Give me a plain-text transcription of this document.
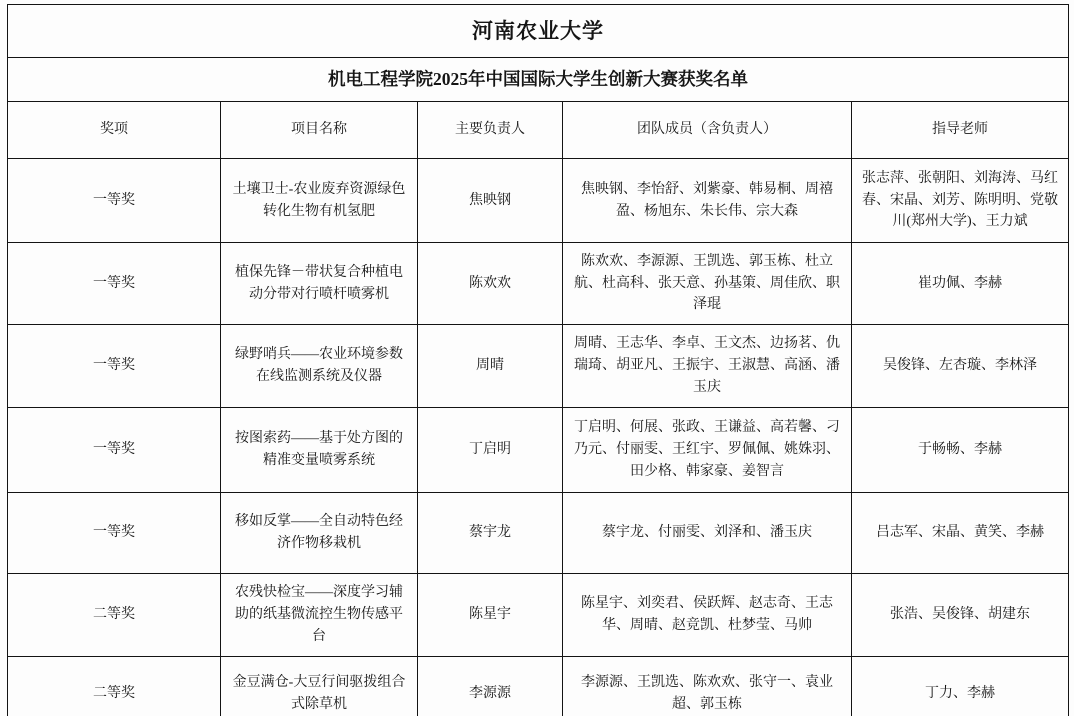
河南农业大学				
机电工程学院2025年中国国际大学生创新大赛获奖名单				
奖项	项目名称	主要负责人	团队成员（含负责人）	指导老师
一等奖	土壤卫士-农业废弃资源绿色转化生物有机氢肥	焦映钢	焦映钢、李怡舒、刘紫豪、韩易桐、周禧盈、杨旭东、朱长伟、宗大森	张志萍、张朝阳、刘海涛、马红春、宋晶、刘芳、陈明明、党敬川(郑州大学)、王力斌
一等奖	植保先锋－带状复合种植电动分带对行喷杆喷雾机	陈欢欢	陈欢欢、李源源、王凯选、郭玉栋、杜立航、杜高科、张天意、孙基策、周佳欣、职泽琨	崔功佩、李赫
一等奖	绿野哨兵——农业环境参数在线监测系统及仪器	周晴	周晴、王志华、李卓、王文杰、边扬茗、仇瑞琦、胡亚凡、王振宇、王淑慧、高涵、潘玉庆	吴俊锋、左杏璇、李林泽
一等奖	按图索药——基于处方图的精准变量喷雾系统	丁启明	丁启明、何展、张政、王谦益、高若馨、刁乃元、付丽雯、王红宇、罗佩佩、姚姝羽、田少格、韩家豪、姜智言	于畅畅、李赫
一等奖	移如反掌——全自动特色经济作物移栽机	蔡宇龙	蔡宇龙、付丽雯、刘泽和、潘玉庆	吕志军、宋晶、黄笑、李赫
二等奖	农残快检宝——深度学习辅助的纸基微流控生物传感平台	陈星宇	陈星宇、刘奕君、侯跃辉、赵志奇、王志华、周晴、赵竞凯、杜梦莹、马帅	张浩、吴俊锋、胡建东
二等奖	金豆满仓-大豆行间驱拨组合式除草机	李源源	李源源、王凯选、陈欢欢、张守一、袁业超、郭玉栋	丁力、李赫
